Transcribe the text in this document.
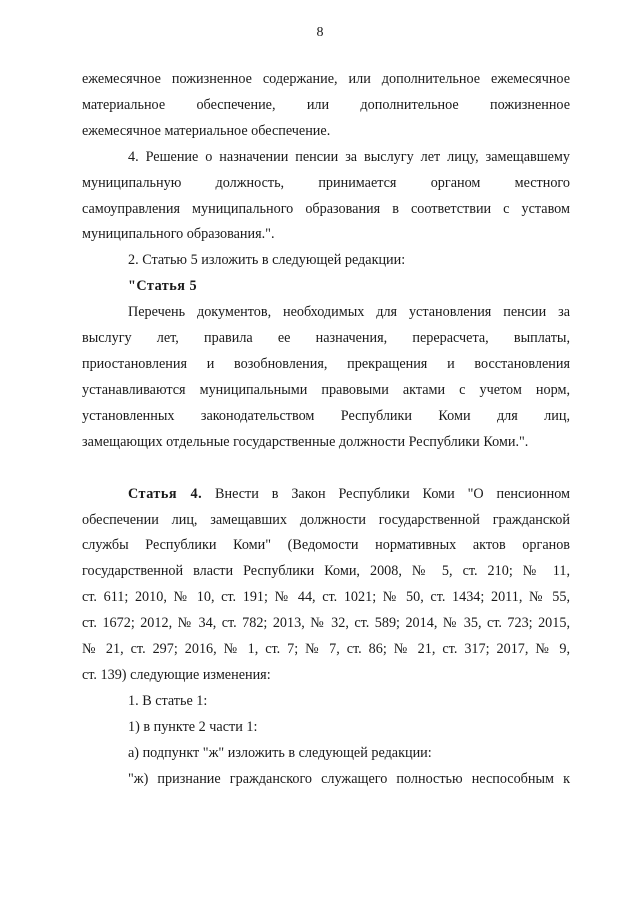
8

ежемесячное пожизненное содержание, или дополнительное ежемесячное

материальное обеспечение, или дополнительное пожизненное

ежемесячное материальное обеспечение.

4. Решение о назначении пенсии за выслугу лет лицу, замещавшему

муниципальную должность, принимается органом местного

самоуправления муниципального образования в соответствии с уставом

муниципального образования.".

2. Статью 5 изложить в следующей редакции:

"Статья 5

Перечень документов, необходимых для установления пенсии за

выслугу лет, правила ее назначения, перерасчета, выплаты,

приостановления и возобновления, прекращения и восстановления

устанавливаются муниципальными правовыми актами с учетом норм,

установленных законодательством Республики Коми для лиц,

замещающих отдельные государственные должности Республики Коми.".

Статья 4. Внести в Закон Республики Коми "О пенсионном

обеспечении лиц, замещавших должности государственной гражданской

службы Республики Коми" (Ведомости нормативных актов органов

государственной власти Республики Коми, 2008, № 5, ст. 210; № 11,

ст. 611; 2010, № 10, ст. 191; № 44, ст. 1021; № 50, ст. 1434; 2011, № 55,

ст. 1672; 2012, № 34, ст. 782; 2013, № 32, ст. 589; 2014, № 35, ст. 723; 2015,

№ 21, ст. 297; 2016, № 1, ст. 7; № 7, ст. 86; № 21, ст. 317; 2017, № 9,

ст. 139) следующие изменения:

1. В статье 1:

1) в пункте 2 части 1:

а) подпункт "ж" изложить в следующей редакции:

"ж) признание гражданского служащего полностью неспособным к
